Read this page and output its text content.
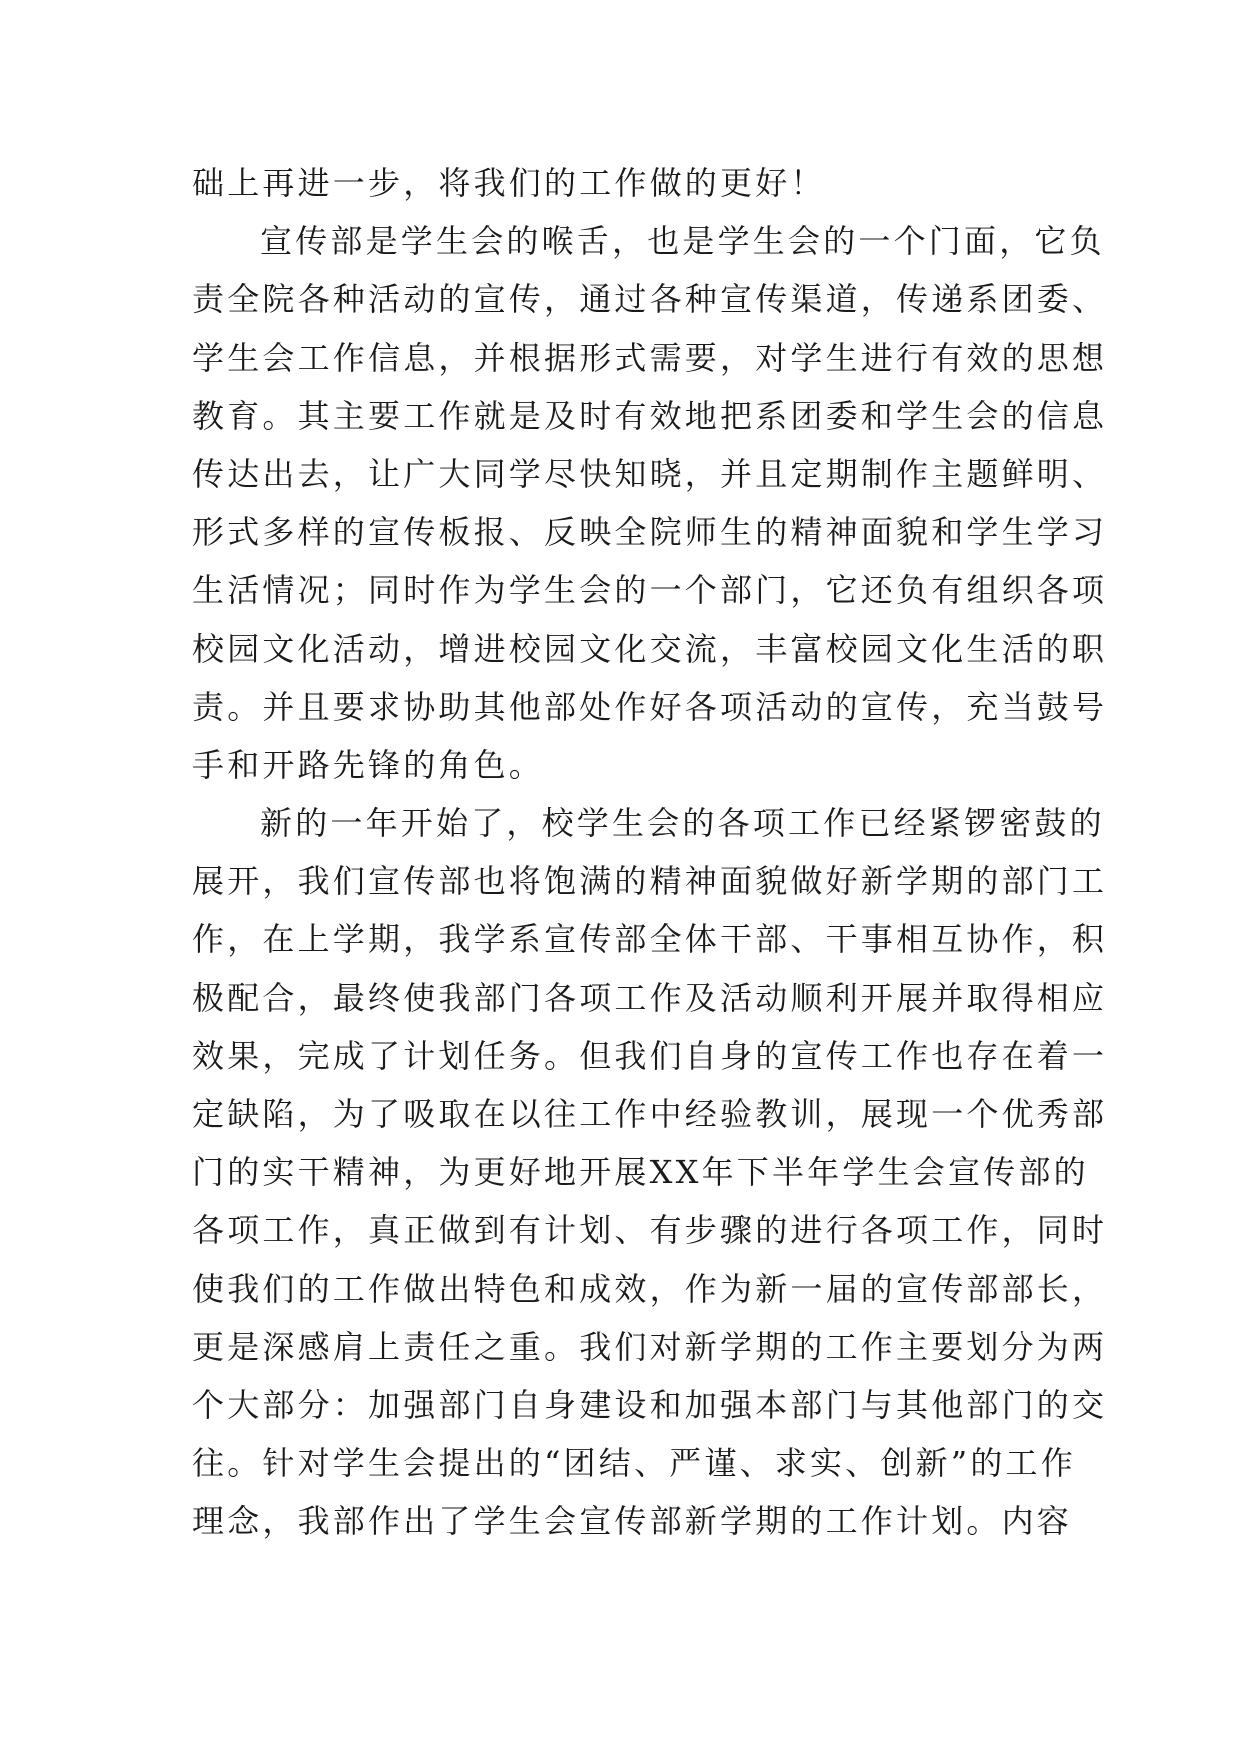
础上再进一步，将我们的工作做的更好！
宣传部是学生会的喉舌，也是学生会的一个门面，它负
责全院各种活动的宣传，通过各种宣传渠道，传递系团委、
学生会工作信息，并根据形式需要，对学生进行有效的思想
教育。其主要工作就是及时有效地把系团委和学生会的信息
传达出去，让广大同学尽快知晓，并且定期制作主题鲜明、
形式多样的宣传板报、反映全院师生的精神面貌和学生学习
生活情况；同时作为学生会的一个部门，它还负有组织各项
校园文化活动，增进校园文化交流，丰富校园文化生活的职
责。并且要求协助其他部处作好各项活动的宣传，充当鼓号
手和开路先锋的角色。
新的一年开始了，校学生会的各项工作已经紧锣密鼓的
展开，我们宣传部也将饱满的精神面貌做好新学期的部门工
作，在上学期，我学系宣传部全体干部、干事相互协作，积
极配合，最终使我部门各项工作及活动顺利开展并取得相应
效果，完成了计划任务。但我们自身的宣传工作也存在着一
定缺陷，为了吸取在以往工作中经验教训，展现一个优秀部
门的实干精神，为更好地开展XX年下半年学生会宣传部的
各项工作，真正做到有计划、有步骤的进行各项工作，同时
使我们的工作做出特色和成效，作为新一届的宣传部部长，
更是深感肩上责任之重。我们对新学期的工作主要划分为两
个大部分：加强部门自身建设和加强本部门与其他部门的交
往。针对学生会提出的“团结、严谨、求实、创新”的工作
理念，我部作出了学生会宣传部新学期的工作计划。内容
